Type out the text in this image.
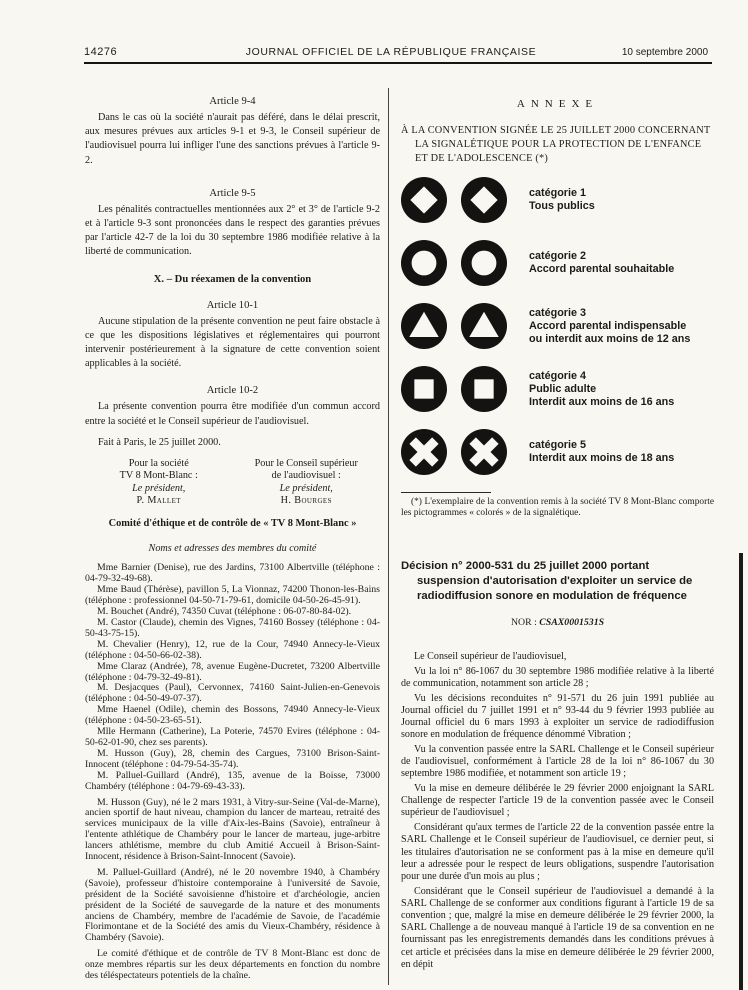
14276	JOURNAL OFFICIEL DE LA RÉPUBLIQUE FRANÇAISE	10 septembre 2000
Article 9-4

Dans le cas où la société n'aurait pas déféré, dans le délai prescrit, aux mesures prévues aux articles 9-1 et 9-3, le Conseil supérieur de l'audiovisuel pourra lui infliger l'une des sanctions prévues à l'article 9-2.

Article 9-5

Les pénalités contractuelles mentionnées aux 2° et 3° de l'article 9-2 et à l'article 9-3 sont prononcées dans le respect des garanties prévues par l'article 42-7 de la loi du 30 septembre 1986 modifiée relative à la liberté de communication.

X. – Du réexamen de la convention
Article 10-1

Aucune stipulation de la présente convention ne peut faire obstacle à ce que les dispositions législatives et réglementaires qui pourront intervenir postérieurement à la signature de cette convention soient applicables à la société.

Article 10-2

La présente convention pourra être modifiée d'un commun accord entre la société et le Conseil supérieur de l'audiovisuel.

Fait à Paris, le 25 juillet 2000.

Pour la société
TV 8 Mont-Blanc :
Le président,
P. Mallet
Pour le Conseil supérieur
de l'audiovisuel :
Le président,
H. Bourges
Comité d'éthique et de contrôle de « TV 8 Mont-Blanc »
Noms et adresses des membres du comité

Mme Barnier (Denise), rue des Jardins, 73100 Albertville (téléphone : 04-79-32-49-68).

Mme Baud (Thérèse), pavillon 5, La Vionnaz, 74200 Thonon-les-Bains (téléphone : professionnel 04-50-71-79-61, domicile 04-50-26-45-91).

M. Bouchet (André), 74350 Cuvat (téléphone : 06-07-80-84-02).

M. Castor (Claude), chemin des Vignes, 74160 Bossey (téléphone : 04-50-43-75-15).

M. Chevalier (Henry), 12, rue de la Cour, 74940 Annecy-le-Vieux (téléphone : 04-50-66-02-38).

Mme Claraz (Andrée), 78, avenue Eugène-Ducretet, 73200 Albertville (téléphone : 04-79-32-49-81).

M. Desjacques (Paul), Cervonnex, 74160 Saint-Julien-en-Genevois (téléphone : 04-50-49-07-37).

Mme Haenel (Odile), chemin des Bossons, 74940 Annecy-le-Vieux (téléphone : 04-50-23-65-51).

Mlle Hermann (Catherine), La Poterie, 74570 Evires (téléphone : 04-50-62-01-90, chez ses parents).

M. Husson (Guy), 28, chemin des Cargues, 73100 Brison-Saint-Innocent (téléphone : 04-79-54-35-74).

M. Palluel-Guillard (André), 135, avenue de la Boisse, 73000 Chambéry (téléphone : 04-79-69-43-33).

M. Husson (Guy), né le 2 mars 1931, à Vitry-sur-Seine (Val-de-Marne), ancien sportif de haut niveau, champion du lancer de marteau, retraité des services municipaux de la ville d'Aix-les-Bains (Savoie), entraîneur à l'entente athlétique de Chambéry pour le lancer de marteau, juge-arbitre lancers athlétisme, membre du club Amitié Accueil à Brison-Saint-Innocent, résidence à Brison-Saint-Innocent (Savoie).

M. Palluel-Guillard (André), né le 20 novembre 1940, à Chambéry (Savoie), professeur d'histoire contemporaine à l'université de Savoie, président de la Société savoisienne d'histoire et d'archéologie, ancien président de la Société de sauvegarde de la nature et des monuments anciens de Chambéry, membre de l'académie de Savoie, de l'académie Florimontane et de la Société des amis du Vieux-Chambéry, résidence à Chambéry (Savoie).

Le comité d'éthique et de contrôle de TV 8 Mont-Blanc est donc de onze membres répartis sur les deux départements en fonction du nombre des téléspectateurs potentiels de la chaîne.

ANNEXE

À LA CONVENTION SIGNÉE LE 25 JUILLET 2000 CONCERNANT LA SIGNALÉTIQUE POUR LA PROTECTION DE L'ENFANCE ET DE L'ADOLESCENCE (*)

catégorie 1
Tous publics
catégorie 2
Accord parental souhaitable
catégorie 3
Accord parental indispensable
ou interdit aux moins de 12 ans
catégorie 4
Public adulte
Interdit aux moins de 16 ans
catégorie 5
Interdit aux moins de 18 ans

(*) L'exemplaire de la convention remis à la société TV 8 Mont-Blanc comporte les pictogrammes « colorés » de la signalétique.

Décision n° 2000-531 du 25 juillet 2000 portant suspension d'autorisation d'exploiter un service de radiodiffusion sonore en modulation de fréquence

NOR : CSAX0001531S

Le Conseil supérieur de l'audiovisuel,

Vu la loi n° 86-1067 du 30 septembre 1986 modifiée relative à la liberté de communication, notamment son article 28 ;

Vu les décisions reconduites n° 91-571 du 26 juin 1991 publiée au Journal officiel du 7 juillet 1991 et n° 93-44 du 9 février 1993 publiée au Journal officiel du 6 mars 1993 à exploiter un service de radiodiffusion sonore en modulation de fréquence dénommé Vibration ;

Vu la convention passée entre la SARL Challenge et le Conseil supérieur de l'audiovisuel, conformément à l'article 28 de la loi n° 86-1067 du 30 septembre 1986 modifiée, et notamment son article 19 ;

Vu la mise en demeure délibérée le 29 février 2000 enjoignant la SARL Challenge de respecter l'article 19 de la convention passée avec le Conseil supérieur de l'audiovisuel ;

Considérant qu'aux termes de l'article 22 de la convention passée entre la SARL Challenge et le Conseil supérieur de l'audiovisuel, ce dernier peut, si les titulaires d'autorisation ne se conforment pas à la mise en demeure qu'il leur a adressée pour le respect de leurs obligations, suspendre l'autorisation pour une durée d'un mois au plus ;

Considérant que le Conseil supérieur de l'audiovisuel a demandé à la SARL Challenge de se conformer aux conditions figurant à l'article 19 de sa convention ; que, malgré la mise en demeure délibérée le 29 février 2000, la SARL Challenge a de nouveau manqué à l'article 19 de sa convention en ne fournissant pas les enregistrements demandés dans les conditions prévues à cet article et précisées dans la mise en demeure délibérée le 29 février 2000, en dépit
